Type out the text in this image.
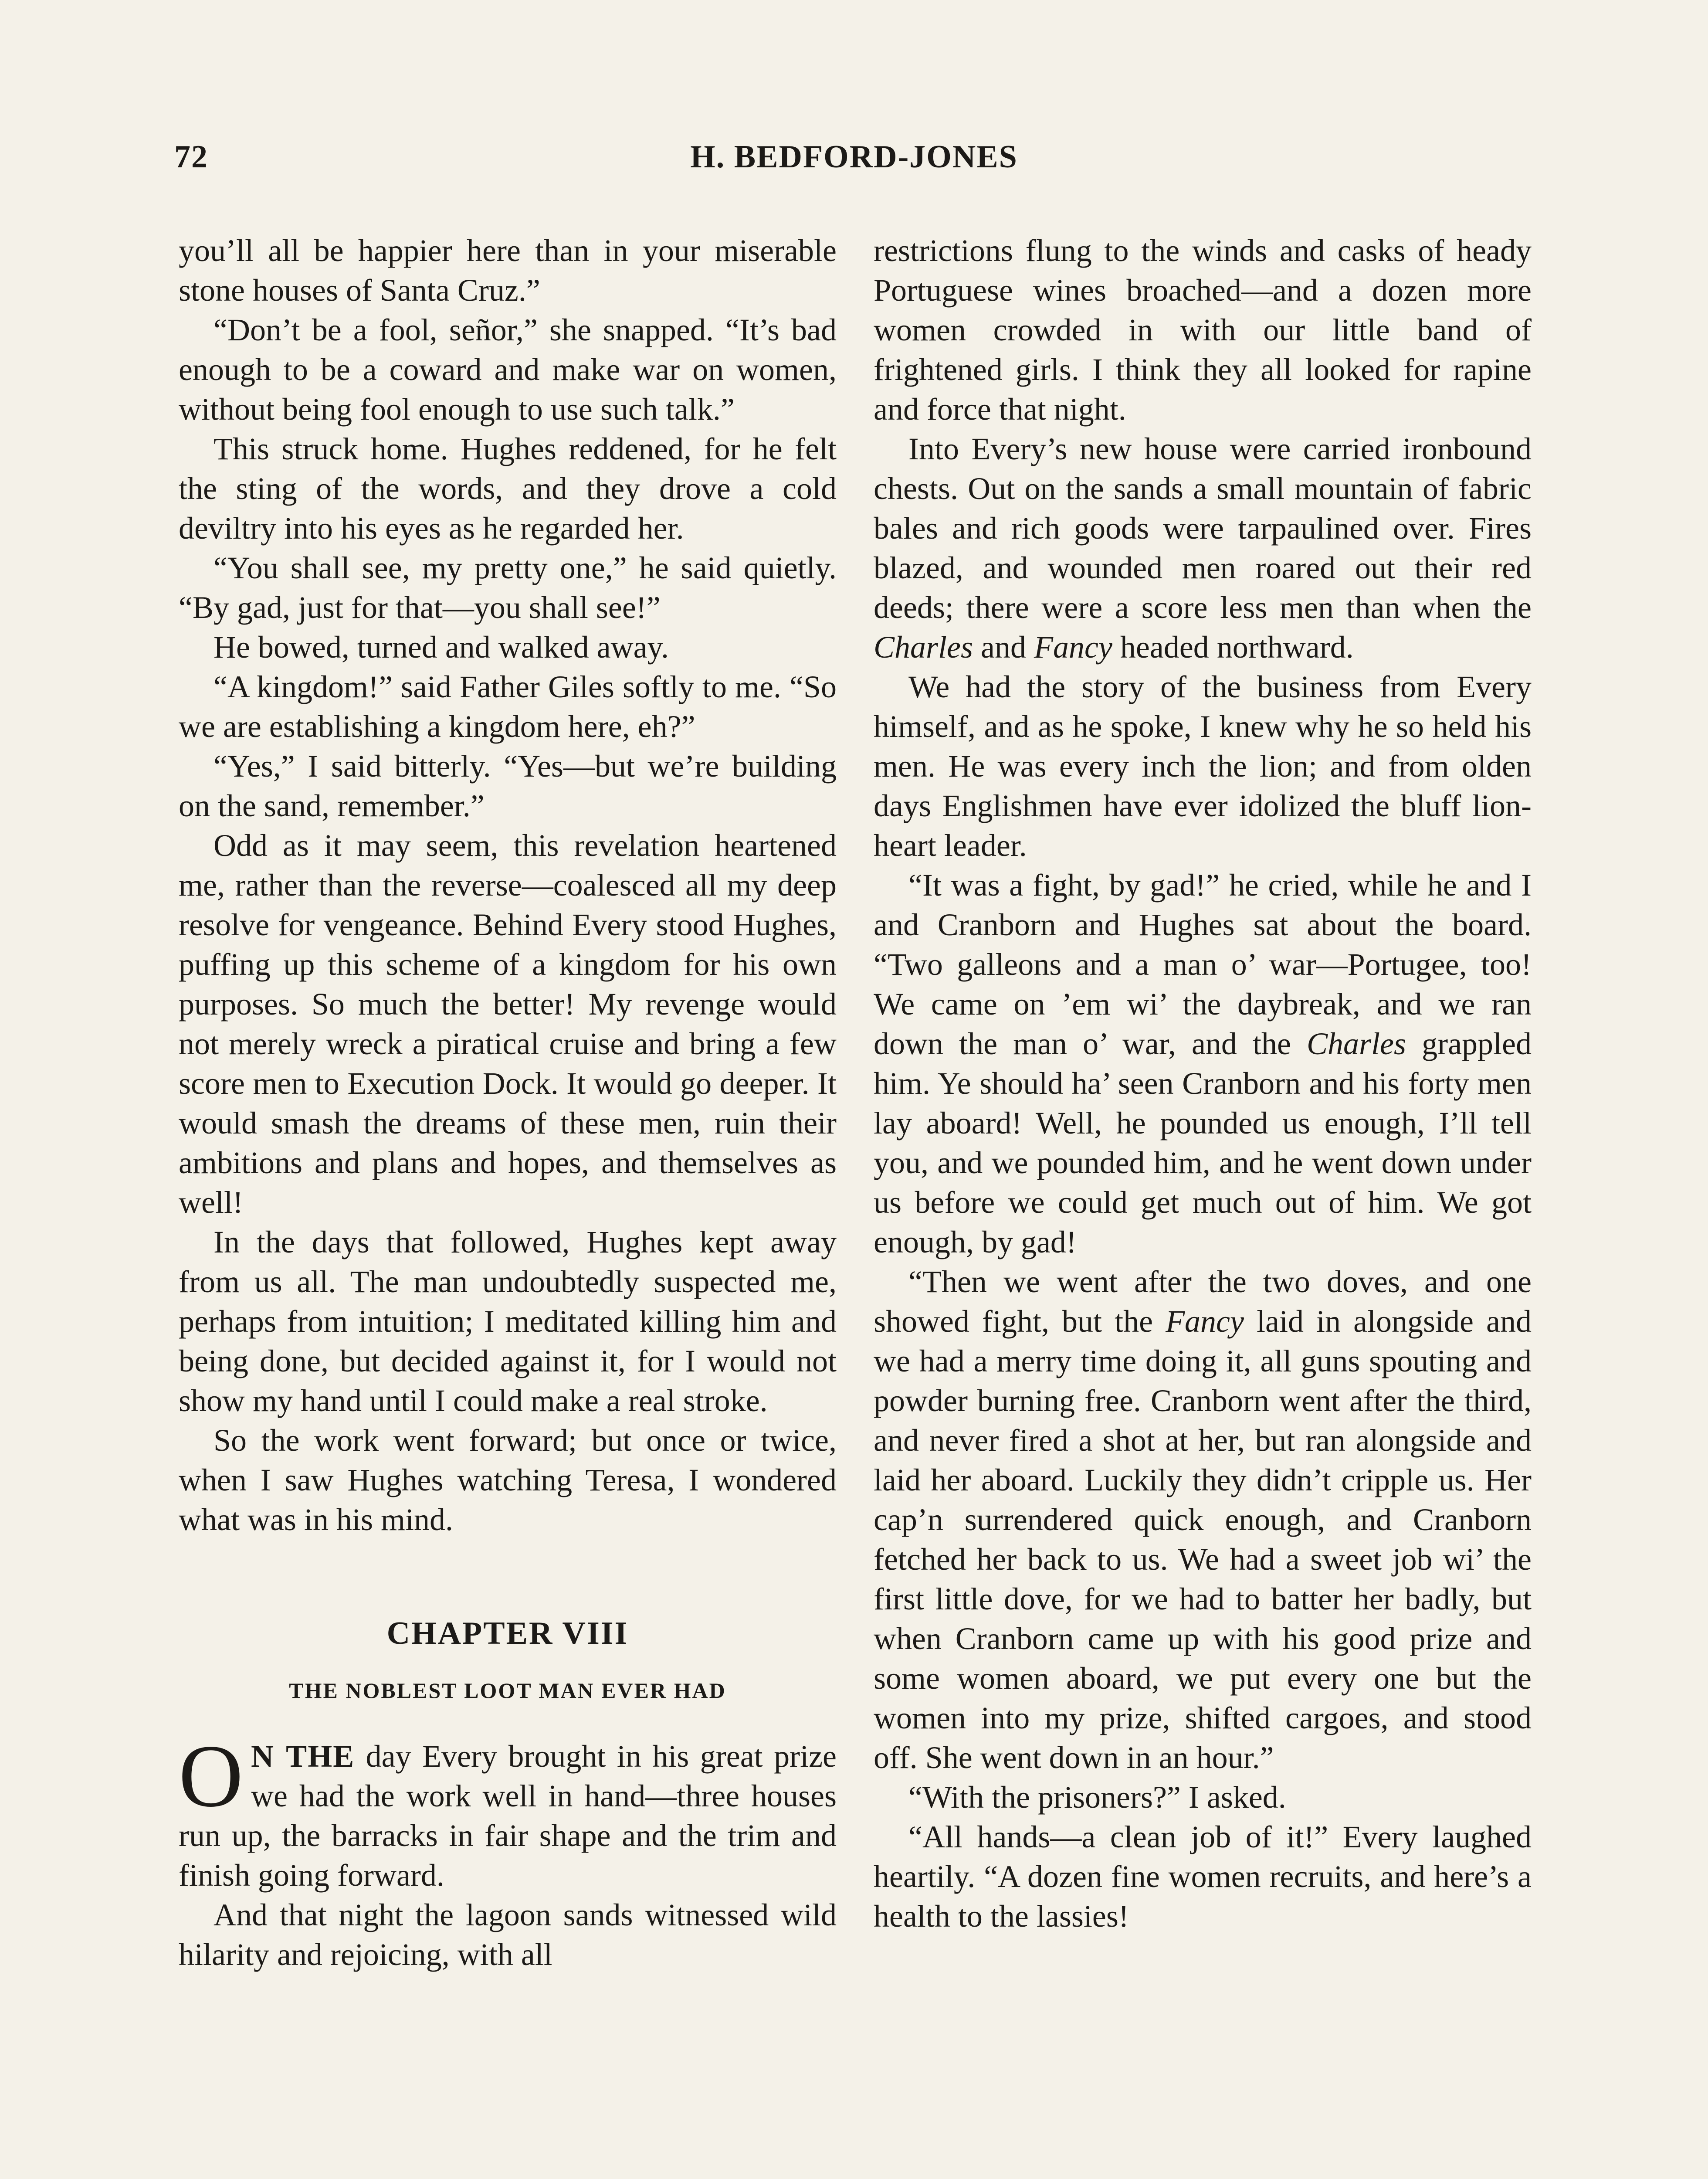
72	H. BEDFORD-JONES

you’ll all be happier here than in your miserable stone houses of Santa Cruz.”

“Don’t be a fool, señor,” she snapped. “It’s bad enough to be a coward and make war on women, without being fool enough to use such talk.”

This struck home. Hughes reddened, for he felt the sting of the words, and they drove a cold deviltry into his eyes as he regarded her.

“You shall see, my pretty one,” he said quietly. “By gad, just for that—you shall see!”

He bowed, turned and walked away.

“A kingdom!” said Father Giles softly to me. “So we are establishing a kingdom here, eh?”

“Yes,” I said bitterly. “Yes—but we’re building on the sand, remember.”

Odd as it may seem, this revelation heartened me, rather than the reverse—coalesced all my deep resolve for vengeance. Behind Every stood Hughes, puffing up this scheme of a kingdom for his own purposes. So much the better! My revenge would not merely wreck a piratical cruise and bring a few score men to Execution Dock. It would go deeper. It would smash the dreams of these men, ruin their ambitions and plans and hopes, and themselves as well!

In the days that followed, Hughes kept away from us all. The man undoubtedly suspected me, perhaps from intuition; I meditated killing him and being done, but decided against it, for I would not show my hand until I could make a real stroke.

So the work went forward; but once or twice, when I saw Hughes watching Teresa, I wondered what was in his mind.

CHAPTER VIII
THE NOBLEST LOOT MAN EVER HAD

O N THE day Every brought in his great prize we had the work well in hand—three houses run up, the barracks in fair shape and the trim and finish going forward.

And that night the lagoon sands witnessed wild hilarity and rejoicing, with all

restrictions flung to the winds and casks of heady Portuguese wines broached—and a dozen more women crowded in with our little band of frightened girls. I think they all looked for rapine and force that night.

Into Every’s new house were carried ironbound chests. Out on the sands a small mountain of fabric bales and rich goods were tarpaulined over. Fires blazed, and wounded men roared out their red deeds; there were a score less men than when the Charles and Fancy headed northward.

We had the story of the business from Every himself, and as he spoke, I knew why he so held his men. He was every inch the lion; and from olden days Englishmen have ever idolized the bluff lionheart leader.

“It was a fight, by gad!” he cried, while he and I and Cranborn and Hughes sat about the board. “Two galleons and a man o’ war—Portugee, too! We came on ’em wi’ the daybreak, and we ran down the man o’ war, and the Charles grappled him. Ye should ha’ seen Cranborn and his forty men lay aboard! Well, he pounded us enough, I’ll tell you, and we pounded him, and he went down under us before we could get much out of him. We got enough, by gad!

“Then we went after the two doves, and one showed fight, but the Fancy laid in alongside and we had a merry time doing it, all guns spouting and powder burning free. Cranborn went after the third, and never fired a shot at her, but ran alongside and laid her aboard. Luckily they didn’t cripple us. Her cap’n surrendered quick enough, and Cranborn fetched her back to us. We had a sweet job wi’ the first little dove, for we had to batter her badly, but when Cranborn came up with his good prize and some women aboard, we put every one but the women into my prize, shifted cargoes, and stood off. She went down in an hour.”

“With the prisoners?” I asked.

“All hands—a clean job of it!” Every laughed heartily. “A dozen fine women recruits, and here’s a health to the lassies!
